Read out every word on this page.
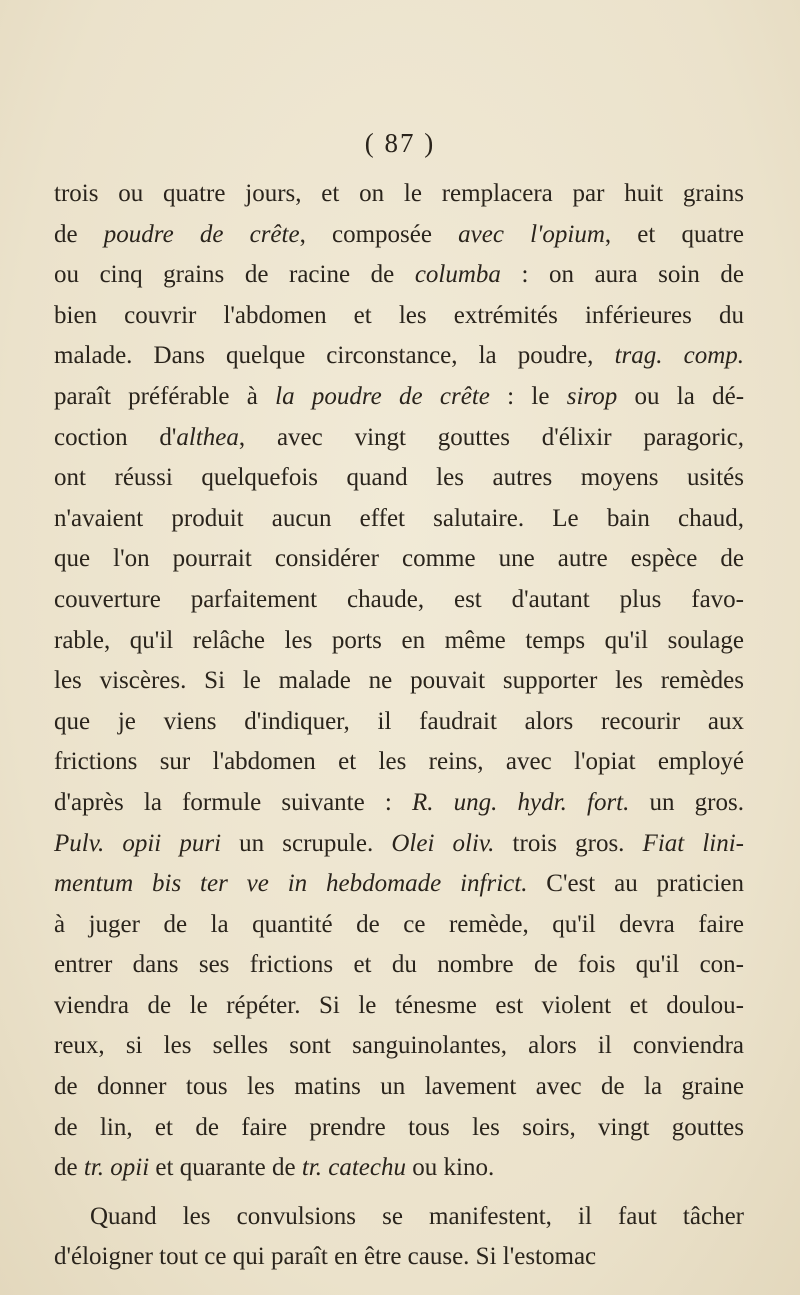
( 87 )
trois ou quatre jours, et on le remplacera par huit grains
de poudre de crête, composée avec l'opium, et quatre
ou cinq grains de racine de columba : on aura soin de
bien couvrir l'abdomen et les extrémités inférieures du
malade. Dans quelque circonstance, la poudre, trag. comp.
paraît préférable à la poudre de crête : le sirop ou la dé-
coction d'althea, avec vingt gouttes d'élixir paragoric,
ont réussi quelquefois quand les autres moyens usités
n'avaient produit aucun effet salutaire. Le bain chaud,
que l'on pourrait considérer comme une autre espèce de
couverture parfaitement chaude, est d'autant plus favo-
rable, qu'il relâche les ports en même temps qu'il soulage
les viscères. Si le malade ne pouvait supporter les remèdes
que je viens d'indiquer, il faudrait alors recourir aux
frictions sur l'abdomen et les reins, avec l'opiat employé
d'après la formule suivante : R. ung. hydr. fort. un gros.
Pulv. opii puri un scrupule. Olei oliv. trois gros. Fiat lini-
mentum bis ter ve in hebdomade infrict. C'est au praticien
à juger de la quantité de ce remède, qu'il devra faire
entrer dans ses frictions et du nombre de fois qu'il con-
viendra de le répéter. Si le ténesme est violent et doulou-
reux, si les selles sont sanguinolantes, alors il conviendra
de donner tous les matins un lavement avec de la graine
de lin, et de faire prendre tous les soirs, vingt gouttes
de tr. opii et quarante de tr. catechu ou kino.
Quand les convulsions se manifestent, il faut tâcher
d'éloigner tout ce qui paraît en être cause. Si l'estomac
